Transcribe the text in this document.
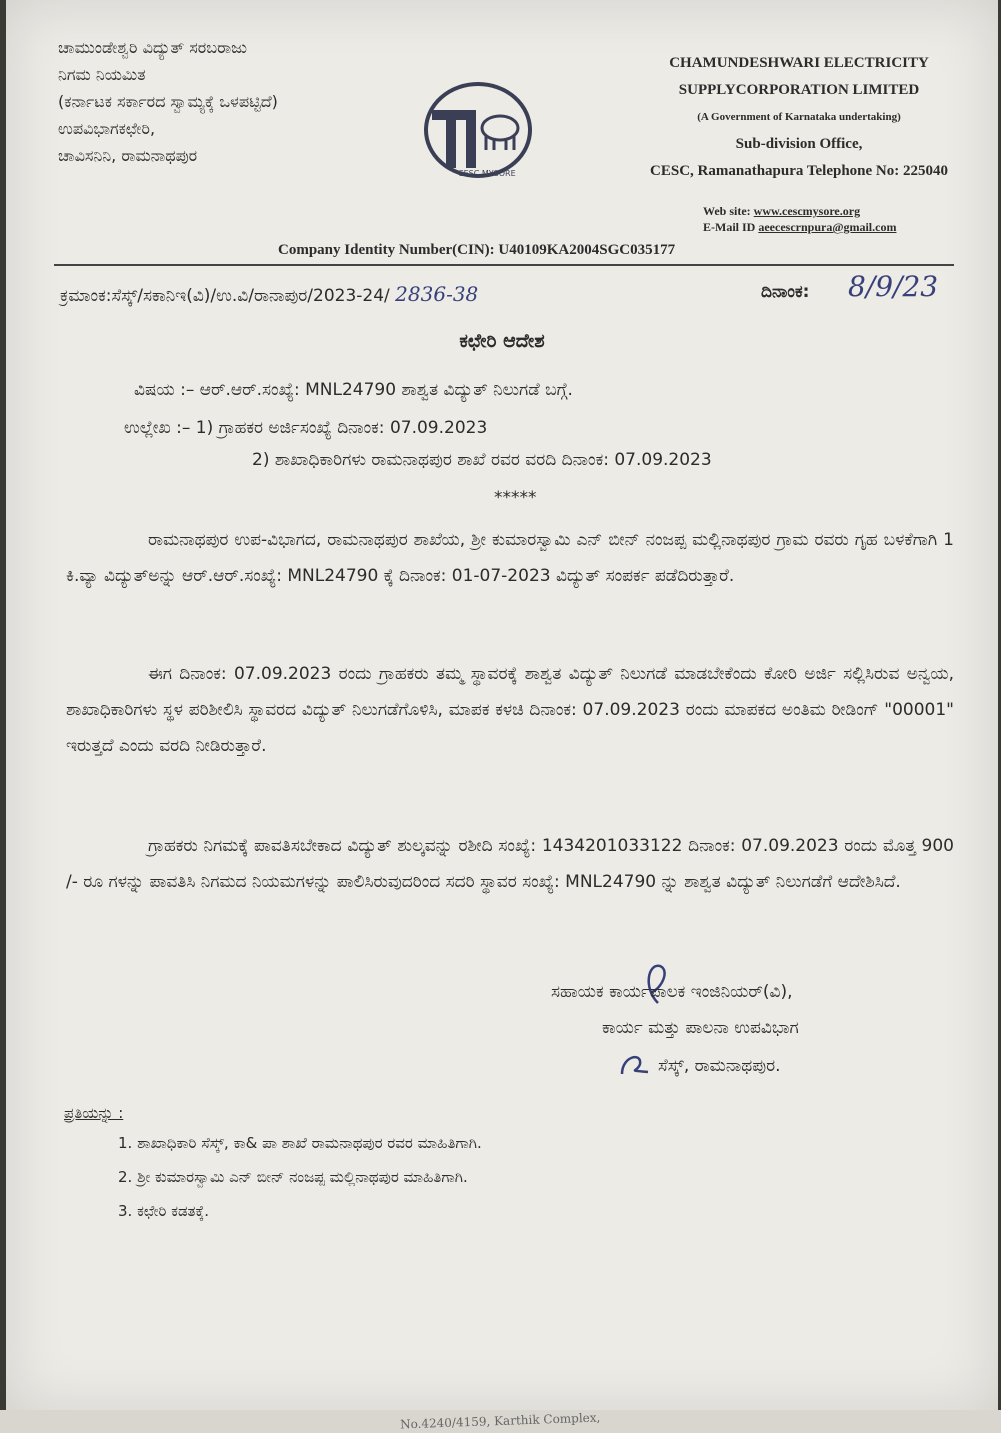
ಚಾಮುಂಡೇಶ್ವರಿ ವಿದ್ಯುತ್ ಸರಬರಾಜು
ನಿಗಮ ನಿಯಮಿತ
(ಕರ್ನಾಟಕ ಸರ್ಕಾರದ ಸ್ವಾಮ್ಯಕ್ಕೆ ಒಳಪಟ್ಟಿದೆ)
ಉಪವಿಭಾಗಕಛೇರಿ,
ಚಾವಿಸನಿನಿ, ರಾಮನಾಥಪುರ
CESC MYSORE
CHAMUNDESHWARI ELECTRICITY
SUPPLYCORPORATION LIMITED
(A Government of Karnataka undertaking)
Sub-division Office,
CESC, Ramanathapura Telephone No: 225040
Web site: www.cescmysore.org
E-Mail ID aeecescrnpura@gmail.com
Company Identity Number(CIN): U40109KA2004SGC035177
ಕ್ರಮಾಂಕ:ಸೆಸ್ಕ್/ಸಕಾನಿಇ(ವಿ)/ಉ.ವಿ/ರಾನಾಪುರ/2023-24/ 2836-38	ದಿನಾಂಕ: 8/9/23
ಕಛೇರಿ ಆದೇಶ
ವಿಷಯ :– ಆರ್.ಆರ್.ಸಂಖ್ಯೆ: MNL24790 ಶಾಶ್ವತ ವಿದ್ಯುತ್ ನಿಲುಗಡೆ ಬಗ್ಗೆ.
ಉಲ್ಲೇಖ :– 1) ಗ್ರಾಹಕರ ಅರ್ಜಿಸಂಖ್ಯೆ ದಿನಾಂಕ: 07.09.2023
2) ಶಾಖಾಧಿಕಾರಿಗಳು ರಾಮನಾಥಪುರ ಶಾಖೆ ರವರ ವರದಿ ದಿನಾಂಕ: 07.09.2023
*****
ರಾಮನಾಥಪುರ ಉಪ-ವಿಭಾಗದ, ರಾಮನಾಥಪುರ ಶಾಖೆಯ, ಶ್ರೀ ಕುಮಾರಸ್ವಾಮಿ ಎನ್ ಬೀನ್ ನಂಜಪ್ಪ ಮಲ್ಲಿನಾಥಪುರ ಗ್ರಾಮ ರವರು ಗೃಹ ಬಳಕೆಗಾಗಿ 1 ಕಿ.ವ್ಯಾ ವಿದ್ಯುತ್‌ಅನ್ನು ಆರ್.ಆರ್.ಸಂಖ್ಯೆ: MNL24790 ಕ್ಕೆ ದಿನಾಂಕ: 01-07-2023 ವಿದ್ಯುತ್ ಸಂಪರ್ಕ ಪಡೆದಿರುತ್ತಾರೆ.
ಈಗ ದಿನಾಂಕ: 07.09.2023 ರಂದು ಗ್ರಾಹಕರು ತಮ್ಮ ಸ್ಥಾವರಕ್ಕೆ ಶಾಶ್ವತ ವಿದ್ಯುತ್ ನಿಲುಗಡೆ ಮಾಡಬೇಕೆಂದು ಕೋರಿ ಅರ್ಜಿ ಸಲ್ಲಿಸಿರುವ ಅನ್ವಯ, ಶಾಖಾಧಿಕಾರಿಗಳು ಸ್ಥಳ ಪರಿಶೀಲಿಸಿ ಸ್ಥಾವರದ ವಿದ್ಯುತ್ ನಿಲುಗಡೆಗೊಳಿಸಿ, ಮಾಪಕ ಕಳಚಿ ದಿನಾಂಕ: 07.09.2023 ರಂದು ಮಾಪಕದ ಅಂತಿಮ ರೀಡಿಂಗ್ "00001" ಇರುತ್ತದೆ ಎಂದು ವರದಿ ನೀಡಿರುತ್ತಾರೆ.
ಗ್ರಾಹಕರು ನಿಗಮಕ್ಕೆ ಪಾವತಿಸಬೇಕಾದ ವಿದ್ಯುತ್ ಶುಲ್ಕವನ್ನು ರಶೀದಿ ಸಂಖ್ಯೆ: 1434201033122 ದಿನಾಂಕ: 07.09.2023 ರಂದು ಮೊತ್ತ 900 /- ರೂ ಗಳನ್ನು ಪಾವತಿಸಿ ನಿಗಮದ ನಿಯಮಗಳನ್ನು ಪಾಲಿಸಿರುವುದರಿಂದ ಸದರಿ ಸ್ಥಾವರ ಸಂಖ್ಯೆ: MNL24790 ನ್ನು ಶಾಶ್ವತ ವಿದ್ಯುತ್ ನಿಲುಗಡೆಗೆ ಆದೇಶಿಸಿದೆ.
ಸಹಾಯಕ ಕಾರ್ಯಪಾಲಕ ಇಂಜಿನಿಯರ್(ವಿ),
ಕಾರ್ಯ ಮತ್ತು ಪಾಲನಾ ಉಪವಿಭಾಗ
ಸೆಸ್ಕ್, ರಾಮನಾಥಪುರ.
ಪ್ರತಿಯನ್ನು :
1. ಶಾಖಾಧಿಕಾರಿ ಸೆಸ್ಕ್, ಕಾ& ಪಾ ಶಾಖೆ ರಾಮನಾಥಪುರ ರವರ ಮಾಹಿತಿಗಾಗಿ.
2. ಶ್ರೀ ಕುಮಾರಸ್ವಾಮಿ ಎನ್ ಬೀನ್ ನಂಜಪ್ಪ ಮಲ್ಲಿನಾಥಪುರ ಮಾಹಿತಿಗಾಗಿ.
3. ಕಛೇರಿ ಕಡತಕ್ಕೆ.
No.4240/4159, Karthik Complex,
